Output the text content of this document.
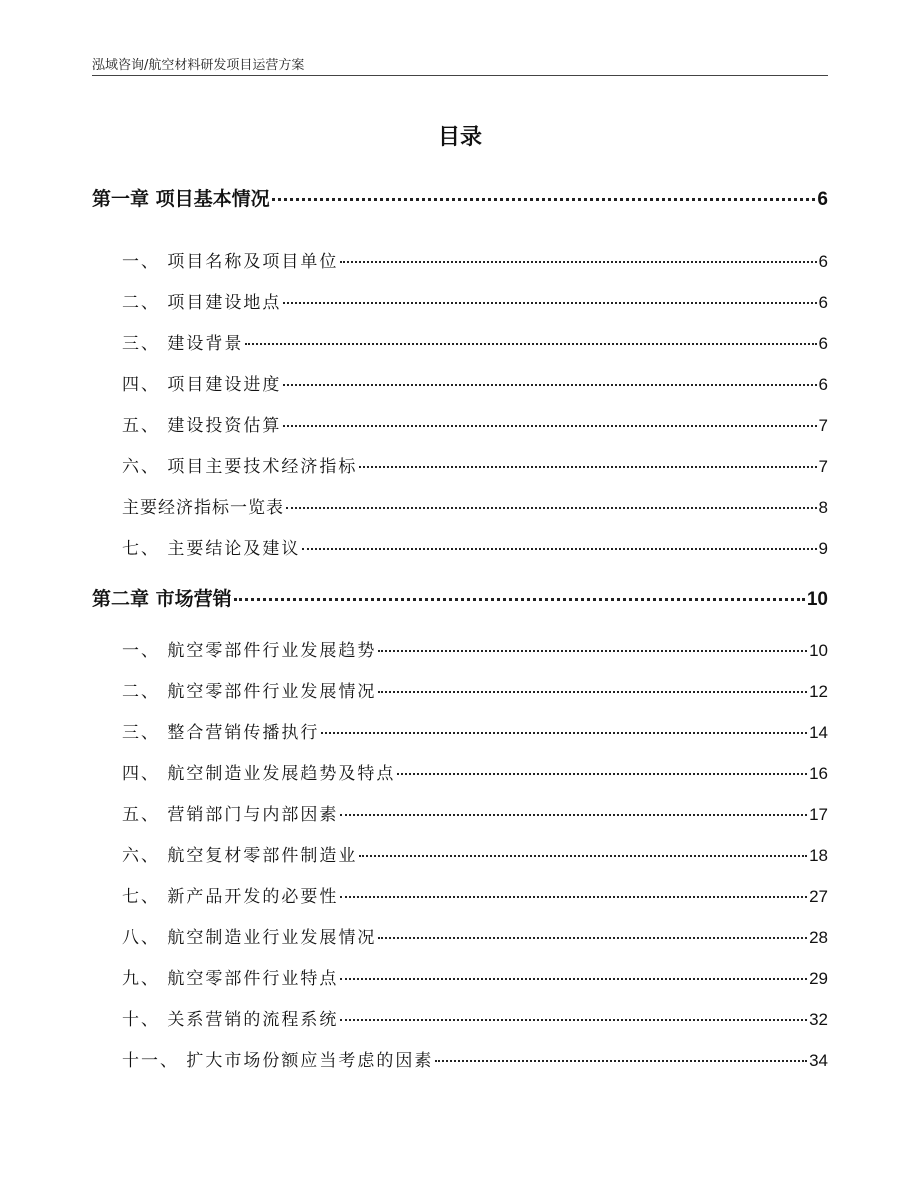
泓域咨询/航空材料研发项目运营方案
目录
第一章 项目基本情况	6
一、 项目名称及项目单位	6
二、 项目建设地点	6
三、 建设背景	6
四、 项目建设进度	6
五、 建设投资估算	7
六、 项目主要技术经济指标	7
主要经济指标一览表	8
七、 主要结论及建议	9
第二章 市场营销	10
一、 航空零部件行业发展趋势	10
二、 航空零部件行业发展情况	12
三、 整合营销传播执行	14
四、 航空制造业发展趋势及特点	16
五、 营销部门与内部因素	17
六、 航空复材零部件制造业	18
七、 新产品开发的必要性	27
八、 航空制造业行业发展情况	28
九、 航空零部件行业特点	29
十、 关系营销的流程系统	32
十一、 扩大市场份额应当考虑的因素	34
